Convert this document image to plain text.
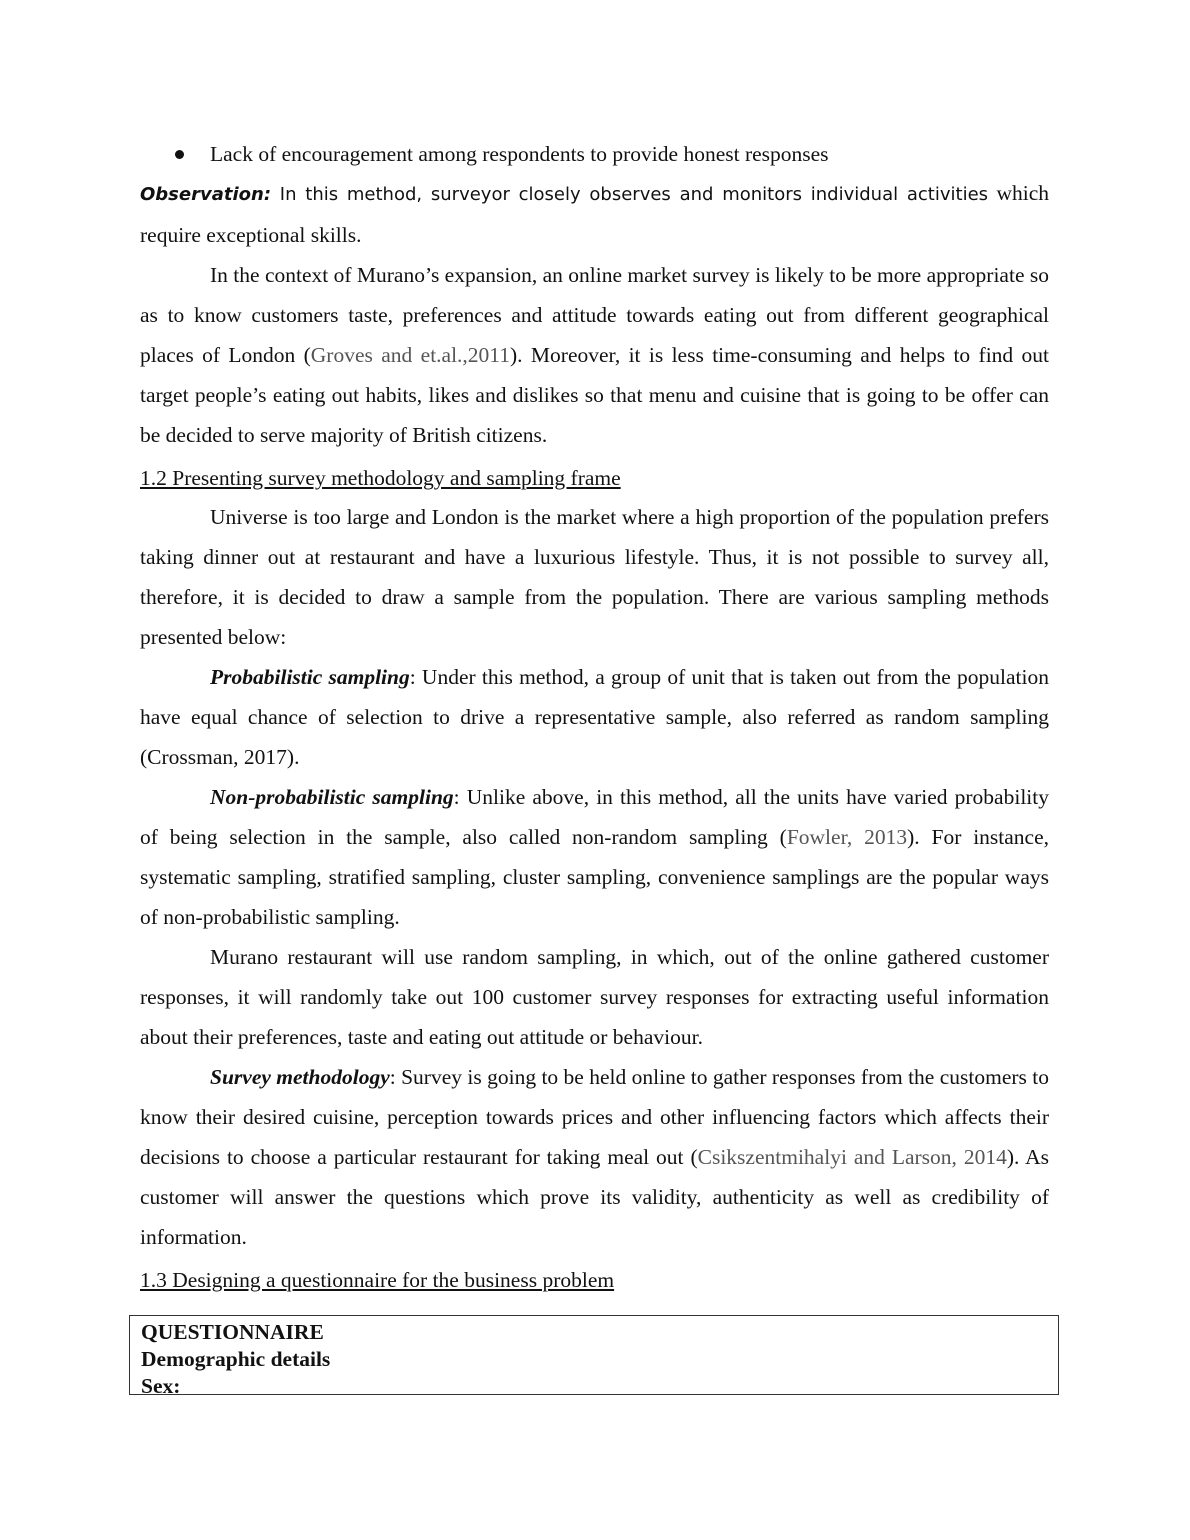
Lack of encouragement among respondents to provide honest responses

Observation: In this method, surveyor closely observes and monitors individual activities which require exceptional skills.

In the context of Murano’s expansion, an online market survey is likely to be more appropriate so as to know customers taste, preferences and attitude towards eating out from different geographical places of London (Groves and et.al.,2011). Moreover, it is less time-consuming and helps to find out target people’s eating out habits, likes and dislikes so that menu and cuisine that is going to be offer can be decided to serve majority of British citizens.

1.2 Presenting survey methodology and sampling frame

Universe is too large and London is the market where a high proportion of the population prefers taking dinner out at restaurant and have a luxurious lifestyle. Thus, it is not possible to survey all, therefore, it is decided to draw a sample from the population. There are various sampling methods presented below:

Probabilistic sampling: Under this method, a group of unit that is taken out from the population have equal chance of selection to drive a representative sample, also referred as random sampling (Crossman, 2017).

Non-probabilistic sampling: Unlike above, in this method, all the units have varied probability of being selection in the sample, also called non-random sampling (Fowler, 2013). For instance, systematic sampling, stratified sampling, cluster sampling, convenience samplings are the popular ways of non-probabilistic sampling.

Murano restaurant will use random sampling, in which, out of the online gathered customer responses, it will randomly take out 100 customer survey responses for extracting useful information about their preferences, taste and eating out attitude or behaviour.

Survey methodology: Survey is going to be held online to gather responses from the customers to know their desired cuisine, perception towards prices and other influencing factors which affects their decisions to choose a particular restaurant for taking meal out (Csikszentmihalyi and Larson, 2014). As customer will answer the questions which prove its validity, authenticity as well as credibility of information.

1.3 Designing a questionnaire for the business problem
QUESTIONNAIRE
Demographic details
Sex:
